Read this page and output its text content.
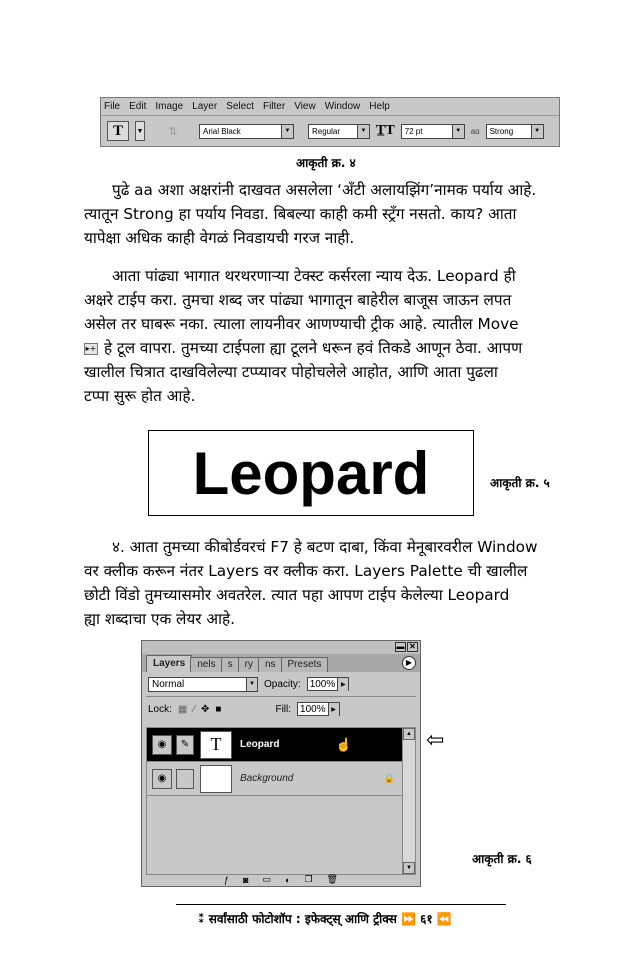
File Edit Image Layer Select Filter View Window Help
T	▼	⇅	Arial Black	▼	Regular	▼ T̲T 72 pt	▼	aɑ Strong	▼
आकृती क्र. ४
पुढे aa अशा अक्षरांनी दाखवत असलेला ‘अँटी अलायझिंग’नामक पर्याय आहे.
त्यातून Strong हा पर्याय निवडा. बिबल्या काही कमी स्ट्रँग नसतो. काय? आता
यापेक्षा अधिक काही वेगळं निवडायची गरज नाही.
आता पांढ्या भागात थरथरणाऱ्या टेक्स्ट कर्सरला न्याय देऊ. Leopard ही
अक्षरे टाईप करा. तुमचा शब्द जर पांढ्या भागातून बाहेरील बाजूस जाऊन लपत
असेल तर घाबरू नका. त्याला लायनीवर आणण्याची ट्रीक आहे. त्यातील Move
▸+ हे टूल वापरा. तुमच्या टाईपला ह्या टूलने धरून हवं तिकडे आणून ठेवा. आपण
खालील चित्रात दाखविलेल्या टप्प्यावर पोहोचलेले आहोत, आणि आता पुढला
टप्पा सुरू होत आहे.
Leopard	आकृती क्र. ५
४. आता तुमच्या कीबोर्डवरचं F7 हे बटण दाबा, किंवा मेनूबारवरील Window
वर क्लीक करून नंतर Layers वर क्लीक करा. Layers Palette ची खालील
छोटी विंडो तुमच्यासमोर अवतरेल. त्यात पहा आपण टाईप केलेल्या Leopard
ह्या शब्दाचा एक लेयर आहे.
▬ ✕
Layers	nels	s	ry	ns	Presets	▶
Normal	▼ Opacity: 100% ▶
Lock: ▦ ∕ ✥ ■	Fill: 100% ▶
◉	✎	T	Leopard	☝
◉	Background	🔒
▲
▼
ƒ ◙ ▭ ◐ ❐ 🗑
⇦
आकृती क्र. ६
⁑ सर्वांसाठी फोटोशॉप : इफेक्ट्स् आणि ट्रीक्स ⏩ ६१ ⏪
